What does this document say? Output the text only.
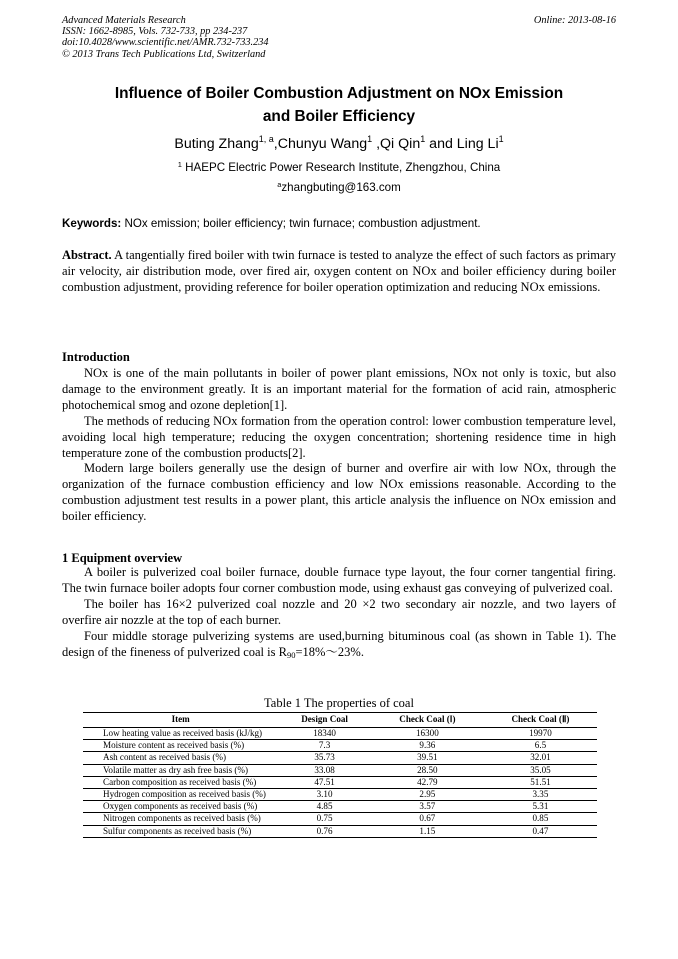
Advanced Materials Research
ISSN: 1662-8985, Vols. 732-733, pp 234-237
doi:10.4028/www.scientific.net/AMR.732-733.234
© 2013 Trans Tech Publications Ltd, Switzerland
Online: 2013-08-16
Influence of Boiler Combustion Adjustment on NOx Emission
and Boiler Efficiency
Buting Zhang$^{1, a}$,Chunyu Wang$^1$ ,Qi Qin$^1$ and Ling Li$^1$
$^1$ HAEPC Electric Power Research Institute, Zhengzhou, China
$^a$zhangbuting@163.com
Keywords: NOx emission; boiler efficiency; twin furnace; combustion adjustment.

Abstract. A tangentially fired boiler with twin furnace is tested to analyze the effect of such factors as primary air velocity, air distribution mode, over fired air, oxygen content on NOx and boiler efficiency during boiler combustion adjustment, providing reference for boiler operation optimization and reducing NOx emissions.

Introduction

NOx is one of the main pollutants in boiler of power plant emissions, NOx not only is toxic, but also damage to the environment greatly. It is an important material for the formation of acid rain, atmospheric photochemical smog and ozone depletion[1].

The methods of reducing NOx formation from the operation control: lower combustion temperature level, avoiding local high temperature; reducing the oxygen concentration; shortening residence time in high temperature zone of the combustion products[2].

Modern large boilers generally use the design of burner and overfire air with low NOx, through the organization of the furnace combustion efficiency and low NOx emissions reasonable. According to the combustion adjustment test results in a power plant, this article analysis the influence on NOx emission and boiler efficiency.

1 Equipment overview

A boiler is pulverized coal boiler furnace, double furnace type layout, the four corner tangential firing. The twin furnace boiler adopts four corner combustion mode, using exhaust gas conveying of pulverized coal.

The boiler has 16×2 pulverized coal nozzle and 20 ×2 two secondary air nozzle, and two layers of overfire air nozzle at the top of each burner.

Four middle storage pulverizing systems are used,burning bituminous coal (as shown in Table 1). The design of the fineness of pulverized coal is $R_{90}=18\%\sim 23\%$.

Table 1 The properties of coal
Item	Design Coal	Check Coal (Ⅰ)	Check Coal (Ⅱ)
Low heating value as received basis (kJ/kg)	18340	16300	19970
Moisture content as received basis (%)	7.3	9.36	6.5
Ash content as received basis (%)	35.73	39.51	32.01
Volatile matter as dry ash free basis (%)	33.08	28.50	35.05
Carbon composition as received basis (%)	47.51	42.79	51.51
Hydrogen composition as received basis (%)	3.10	2.95	3.35
Oxygen components as received basis (%)	4.85	3.57	5.31
Nitrogen components as received basis (%)	0.75	0.67	0.85
Sulfur components as received basis (%)	0.76	1.15	0.47
